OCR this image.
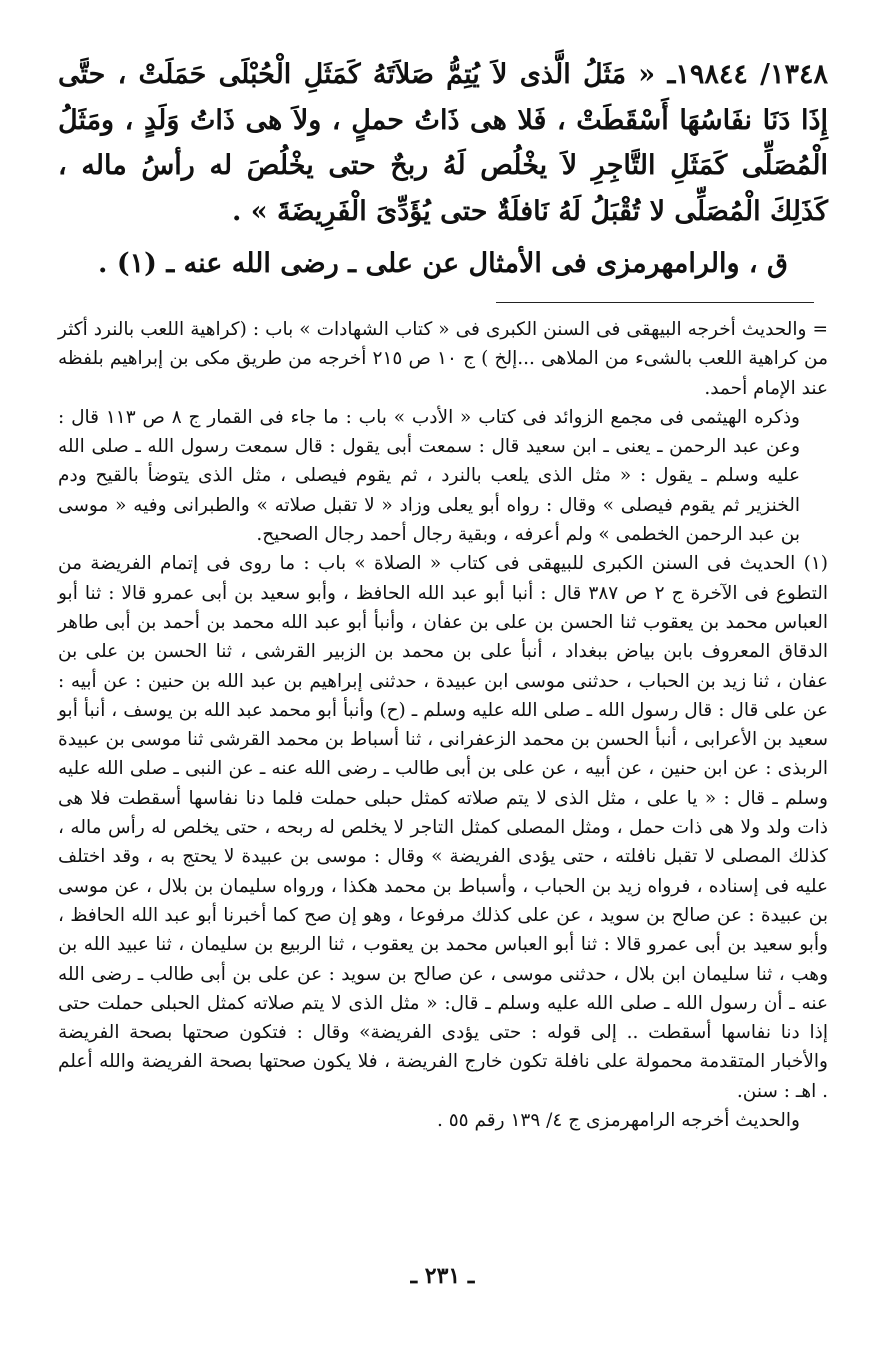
١٣٤٨/ ١٩٨٤٤ـ « مَثَلُ الَّذى لاَ يُتِمُّ صَلاَتَهُ كَمَثَلِ الْحُبْلَى حَمَلَتْ ، حتَّى إِذَا دَنَا نفَاسُهَا أَسْقَطَتْ ، فَلا هى ذَاتُ حملٍ ، ولاَ هى ذَاتُ وَلَدٍ ، ومَثَلُ الْمُصَلِّى كَمَثَلِ التَّاجِرِ لاَ يخْلُص لَهُ ربحٌ حتى يخْلُصَ له رأسُ ماله ، كَذَلِكَ الْمُصَلِّى لا تُقْبَلُ لَهُ نَافلَةٌ حتى يُؤَدِّىَ الْفَرِيضَةَ » .

ق ، والرامهرمزى فى الأمثال عن على ـ رضى الله عنه ـ (١) .

= والحديث أخرجه البيهقى فى السنن الكبرى فى « كتاب الشهادات » باب : (كراهية اللعب بالنرد أكثر من كراهية اللعب بالشىء من الملاهى ...إلخ ) ج ١٠ ص ٢١٥ أخرجه من طريق مكى بن إبراهيم بلفظه عند الإمام أحمد.

وذكره الهيثمى فى مجمع الزوائد فى كتاب « الأدب » باب : ما جاء فى القمار ج ٨ ص ١١٣ قال : وعن عبد الرحمن ـ يعنى ـ ابن سعيد قال : سمعت أبى يقول : قال سمعت رسول الله ـ صلى الله عليه وسلم ـ يقول : « مثل الذى يلعب بالنرد ، ثم يقوم فيصلى ، مثل الذى يتوضأ بالقيح ودم الخنزير ثم يقوم فيصلى » وقال : رواه أبو يعلى وزاد « لا تقبل صلاته » والطبرانى وفيه « موسى بن عبد الرحمن الخطمى » ولم أعرفه ، وبقية رجال أحمد رجال الصحيح.

(١) الحديث فى السنن الكبرى للبيهقى فى كتاب « الصلاة » باب : ما روى فى إتمام الفريضة من التطوع فى الآخرة ج ٢ ص ٣٨٧ قال : أنبا أبو عبد الله الحافظ ، وأبو سعيد بن أبى عمرو قالا : ثنا أبو العباس محمد بن يعقوب ثنا الحسن بن على بن عفان ، وأنبأ أبو عبد الله محمد بن أحمد بن أبى طاهر الدقاق المعروف بابن بياض ببغداد ، أنبأ على بن محمد بن الزبير القرشى ، ثنا الحسن بن على بن عفان ، ثنا زيد بن الحباب ، حدثنى موسى ابن عبيدة ، حدثنى إبراهيم بن عبد الله بن حنين : عن أبيه : عن على قال : قال رسول الله ـ صلى الله عليه وسلم ـ (ح) وأنبأ أبو محمد عبد الله بن يوسف ، أنبأ أبو سعيد بن الأعرابى ، أنبأ الحسن بن محمد الزعفرانى ، ثنا أسباط بن محمد القرشى ثنا موسى بن عبيدة الربذى : عن ابن حنين ، عن أبيه ، عن على بن أبى طالب ـ رضى الله عنه ـ عن النبى ـ صلى الله عليه وسلم ـ قال : « يا على ، مثل الذى لا يتم صلاته كمثل حبلى حملت فلما دنا نفاسها أسقطت فلا هى ذات ولد ولا هى ذات حمل ، ومثل المصلى كمثل التاجر لا يخلص له ربحه ، حتى يخلص له رأس ماله ، كذلك المصلى لا تقبل نافلته ، حتى يؤدى الفريضة » وقال : موسى بن عبيدة لا يحتج به ، وقد اختلف عليه فى إسناده ، فرواه زيد بن الحباب ، وأسباط بن محمد هكذا ، ورواه سليمان بن بلال ، عن موسى بن عبيدة : عن صالح بن سويد ، عن على كذلك مرفوعا ، وهو إن صح كما أخبرنا أبو عبد الله الحافظ ، وأبو سعيد بن أبى عمرو قالا : ثنا أبو العباس محمد بن يعقوب ، ثنا الربيع بن سليمان ، ثنا عبيد الله بن وهب ، ثنا سليمان ابن بلال ، حدثنى موسى ، عن صالح بن سويد : عن على بن أبى طالب ـ رضى الله عنه ـ أن رسول الله ـ صلى الله عليه وسلم ـ قال: « مثل الذى لا يتم صلاته كمثل الحبلى حملت حتى إذا دنا نفاسها أسقطت .. إلى قوله : حتى يؤدى الفريضة» وقال : فتكون صحتها بصحة الفريضة والأخبار المتقدمة محمولة على نافلة تكون خارج الفريضة ، فلا يكون صحتها بصحة الفريضة والله أعلم . اهـ : سنن.

والحديث أخرجه الرامهرمزى ج ٤/ ١٣٩ رقم ٥٥ .

ـ ٢٣١ ـ
